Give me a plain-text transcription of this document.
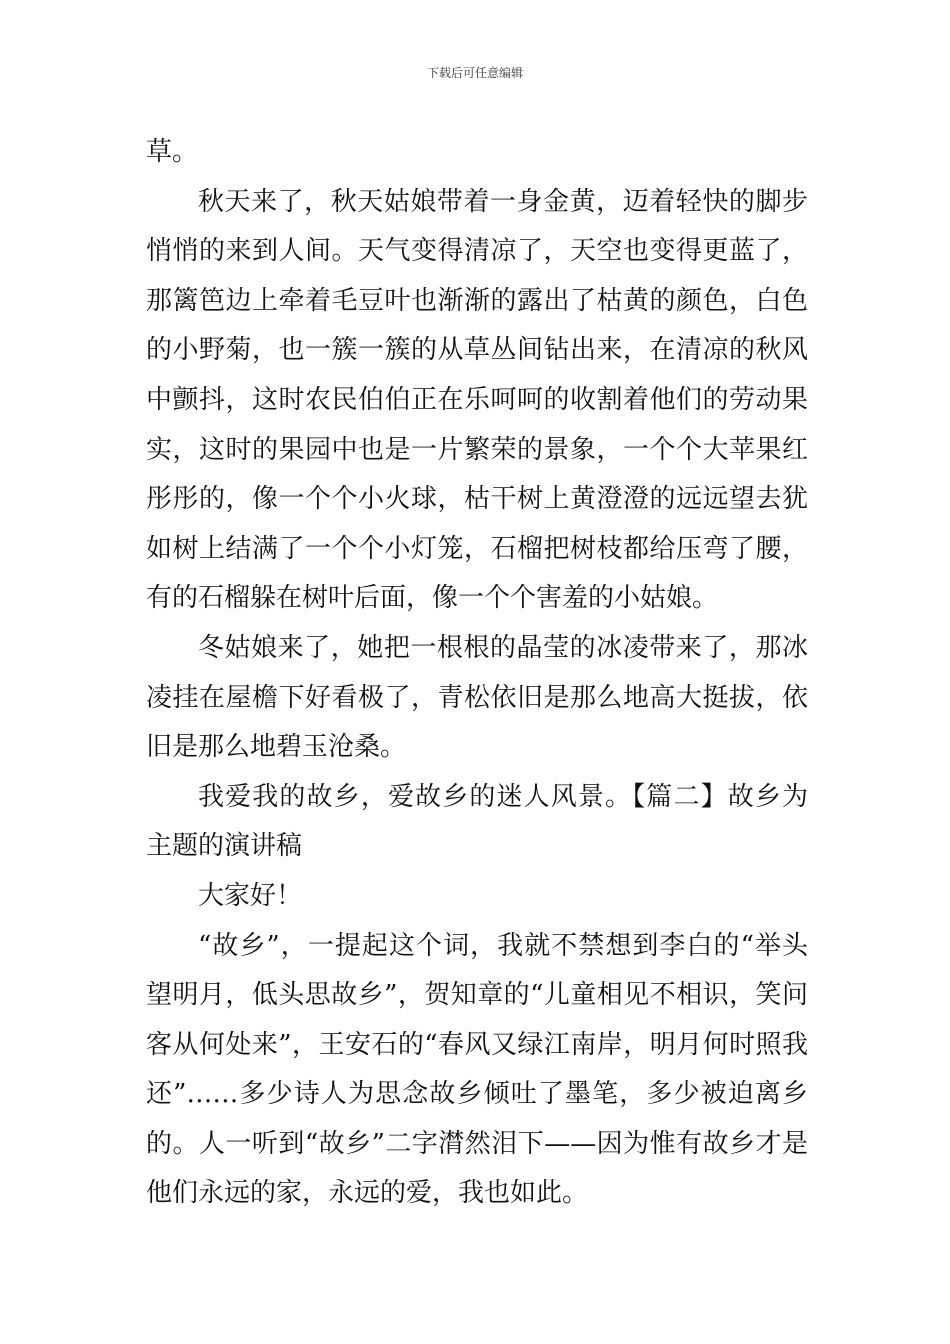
下载后可任意编辑

草。

秋天来了，秋天姑娘带着一身金黄，迈着轻快的脚步悄悄的来到人间。天气变得清凉了，天空也变得更蓝了，那篱笆边上牵着毛豆叶也渐渐的露出了枯黄的颜色，白色的小野菊，也一簇一簇的从草丛间钻出来，在清凉的秋风中颤抖，这时农民伯伯正在乐呵呵的收割着他们的劳动果实，这时的果园中也是一片繁荣的景象，一个个大苹果红彤彤的，像一个个小火球，枯干树上黄澄澄的远远望去犹如树上结满了一个个小灯笼，石榴把树枝都给压弯了腰，有的石榴躲在树叶后面，像一个个害羞的小姑娘。

冬姑娘来了，她把一根根的晶莹的冰凌带来了，那冰凌挂在屋檐下好看极了，青松依旧是那么地高大挺拔，依旧是那么地碧玉沧桑。

我爱我的故乡，爱故乡的迷人风景。【篇二】故乡为主题的演讲稿

大家好！

“故乡”，一提起这个词，我就不禁想到李白的“举头望明月，低头思故乡”，贺知章的“儿童相见不相识，笑问客从何处来”，王安石的“春风又绿江南岸，明月何时照我还”……多少诗人为思念故乡倾吐了墨笔，多少被迫离乡的。人一听到“故乡”二字潸然泪下——因为惟有故乡才是他们永远的家，永远的爱，我也如此。
